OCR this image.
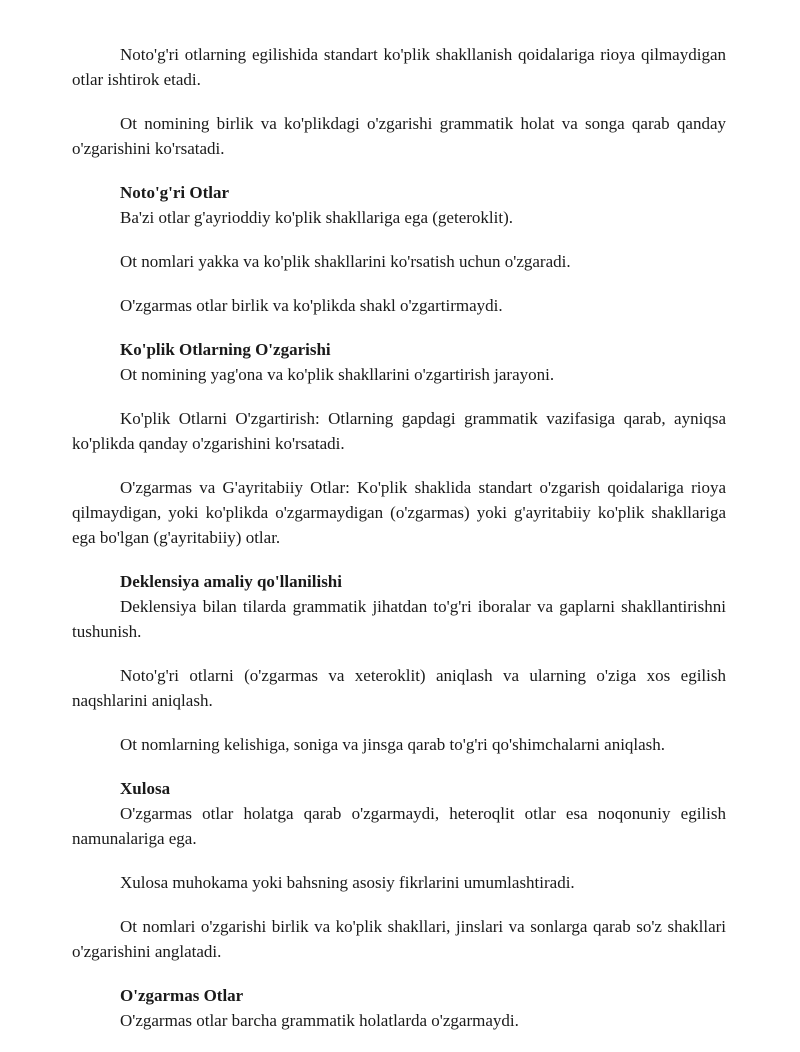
Noto'g'ri otlarning egilishida standart ko'plik shakllanish qoidalariga rioya qilmaydigan otlar ishtirok etadi.

Ot nomining birlik va ko'plikdagi o'zgarishi grammatik holat va songa qarab qanday o'zgarishini ko'rsatadi.

Noto'g'ri Otlar

Ba'zi otlar g'ayrioddiy ko'plik shakllariga ega (geteroklit).

Ot nomlari yakka va ko'plik shakllarini ko'rsatish uchun o'zgaradi.

O'zgarmas otlar birlik va ko'plikda shakl o'zgartirmaydi.

Ko'plik Otlarning O'zgarishi

Ot nomining yag'ona va ko'plik shakllarini o'zgartirish jarayoni.

Ko'plik Otlarni O'zgartirish: Otlarning gapdagi grammatik vazifasiga qarab, ayniqsa ko'plikda qanday o'zgarishini ko'rsatadi.

O'zgarmas va G'ayritabiiy Otlar: Ko'plik shaklida standart o'zgarish qoidalariga rioya qilmaydigan, yoki ko'plikda o'zgarmaydigan (o'zgarmas) yoki g'ayritabiiy ko'plik shakllariga ega bo'lgan (g'ayritabiiy) otlar.

Deklensiya amaliy qo'llanilishi

Deklensiya bilan tilarda grammatik jihatdan to'g'ri iboralar va gaplarni shakllantirishni tushunish.

Noto'g'ri otlarni (o'zgarmas va xeteroklit) aniqlash va ularning o'ziga xos egilish naqshlarini aniqlash.

Ot nomlarning kelishiga, soniga va jinsga qarab to'g'ri qo'shimchalarni aniqlash.

Xulosa

O'zgarmas otlar holatga qarab o'zgarmaydi, heteroqlit otlar esa noqonuniy egilish namunalariga ega.

Xulosa muhokama yoki bahsning asosiy fikrlarini umumlashtiradi.

Ot nomlari o'zgarishi birlik va ko'plik shakllari, jinslari va sonlarga qarab so'z shakllari o'zgarishini anglatadi.

O'zgarmas Otlar

O'zgarmas otlar barcha grammatik holatlarda o'zgarmaydi.
